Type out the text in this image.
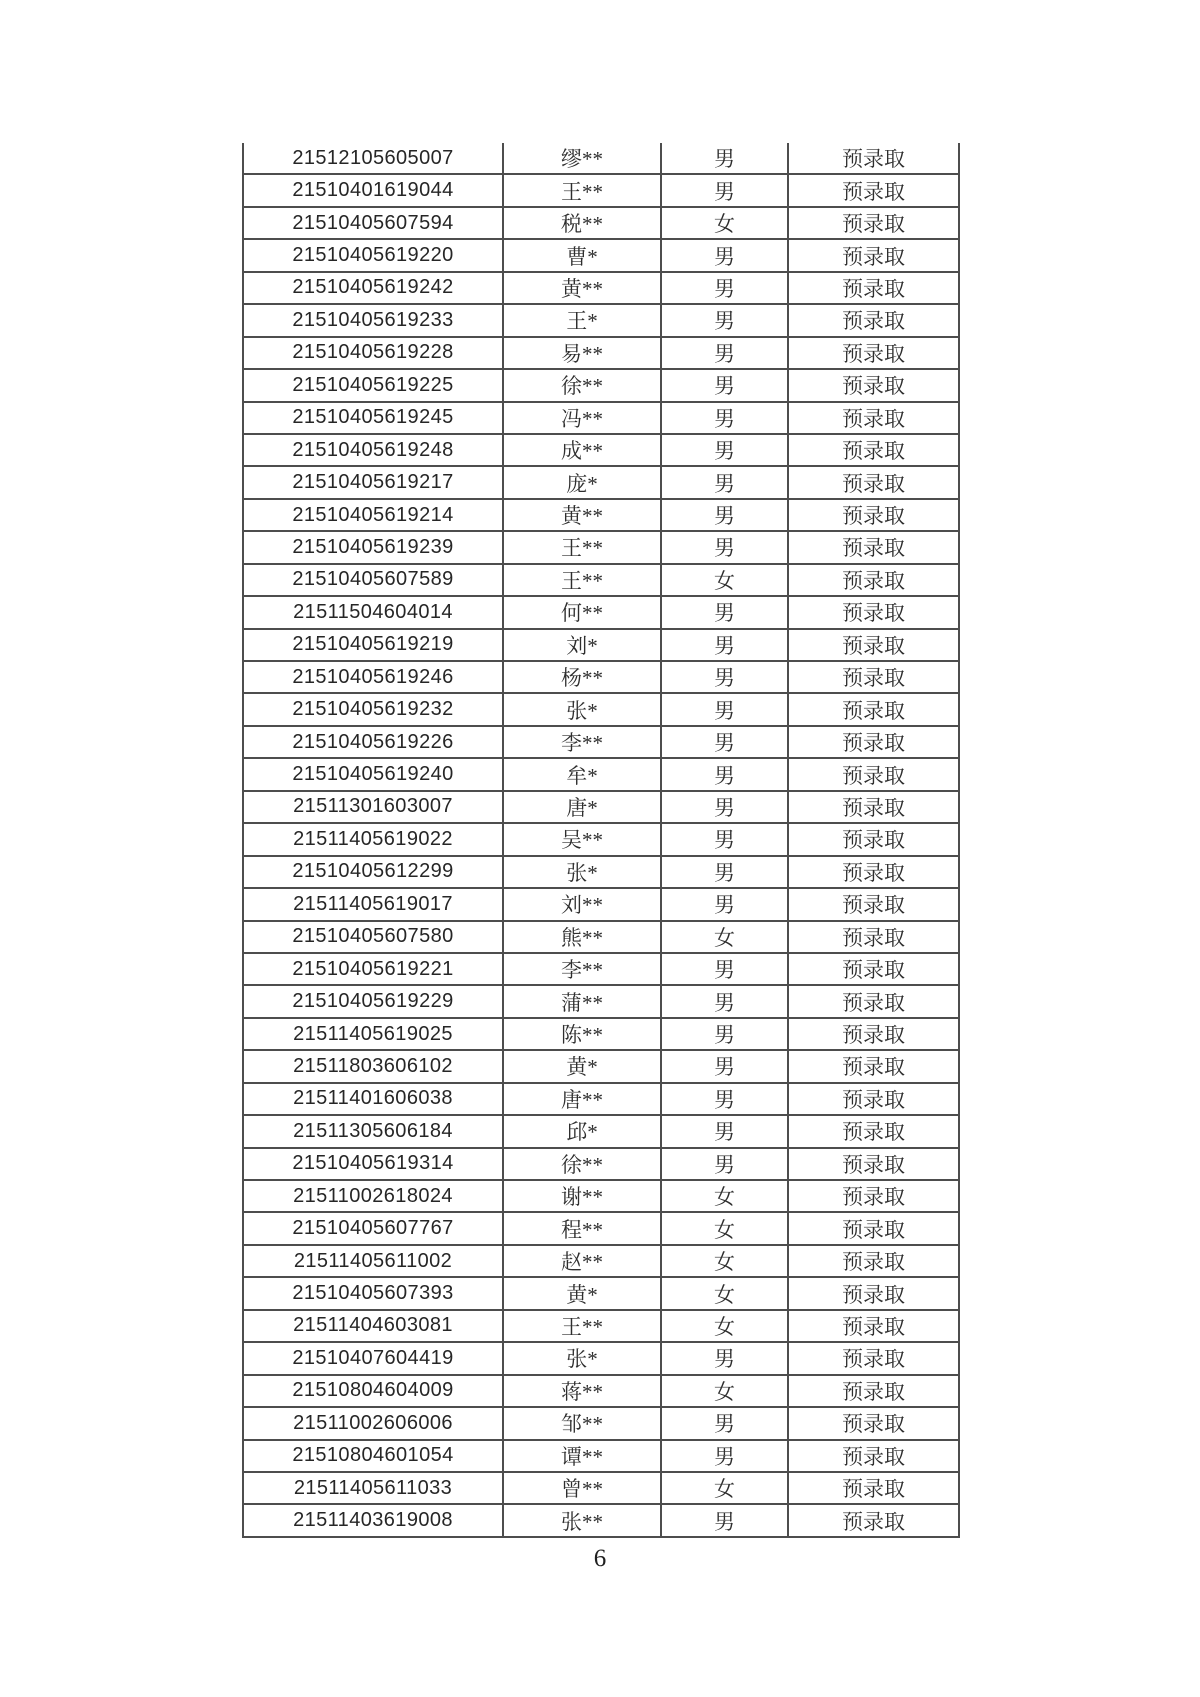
21512105605007	缪**	男	预录取
21510401619044	王**	男	预录取
21510405607594	税**	女	预录取
21510405619220	曹*	男	预录取
21510405619242	黄**	男	预录取
21510405619233	王*	男	预录取
21510405619228	易**	男	预录取
21510405619225	徐**	男	预录取
21510405619245	冯**	男	预录取
21510405619248	成**	男	预录取
21510405619217	庞*	男	预录取
21510405619214	黄**	男	预录取
21510405619239	王**	男	预录取
21510405607589	王**	女	预录取
21511504604014	何**	男	预录取
21510405619219	刘*	男	预录取
21510405619246	杨**	男	预录取
21510405619232	张*	男	预录取
21510405619226	李**	男	预录取
21510405619240	牟*	男	预录取
21511301603007	唐*	男	预录取
21511405619022	吴**	男	预录取
21510405612299	张*	男	预录取
21511405619017	刘**	男	预录取
21510405607580	熊**	女	预录取
21510405619221	李**	男	预录取
21510405619229	蒲**	男	预录取
21511405619025	陈**	男	预录取
21511803606102	黄*	男	预录取
21511401606038	唐**	男	预录取
21511305606184	邱*	男	预录取
21510405619314	徐**	男	预录取
21511002618024	谢**	女	预录取
21510405607767	程**	女	预录取
21511405611002	赵**	女	预录取
21510405607393	黄*	女	预录取
21511404603081	王**	女	预录取
21510407604419	张*	男	预录取
21510804604009	蒋**	女	预录取
21511002606006	邹**	男	预录取
21510804601054	谭**	男	预录取
21511405611033	曾**	女	预录取
21511403619008	张**	男	预录取
6
